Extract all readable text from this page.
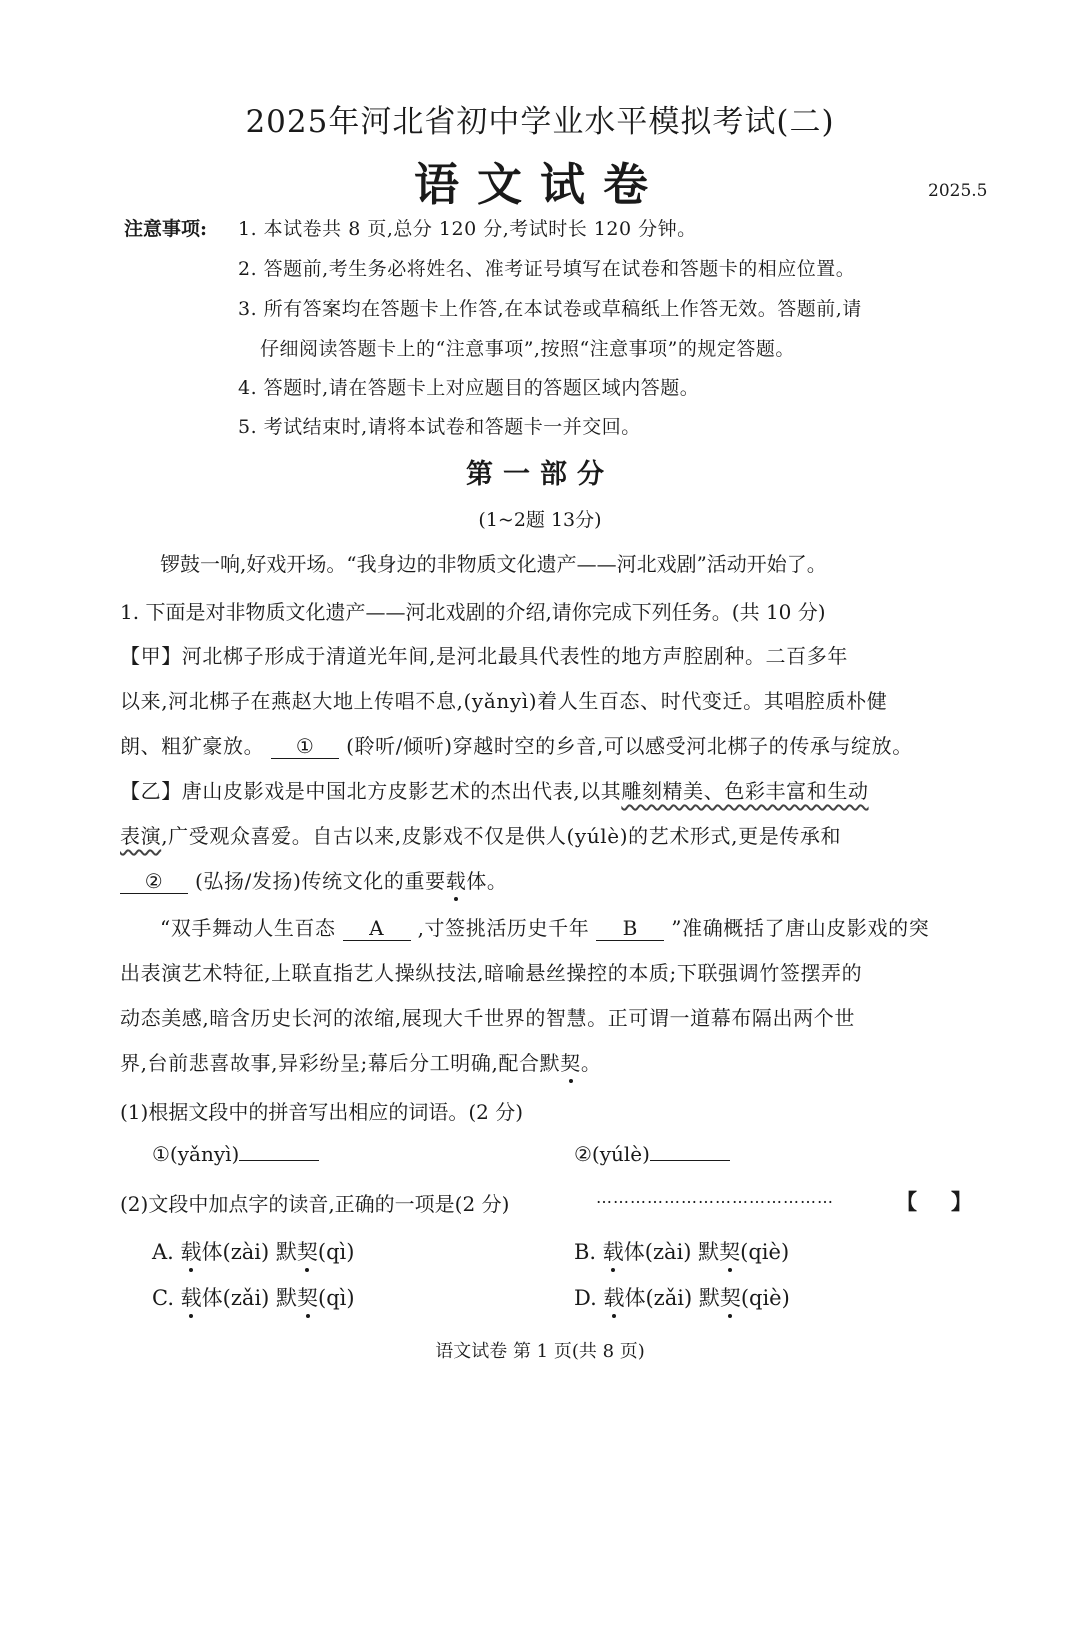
2025年河北省初中学业水平模拟考试(二)
语文试卷	2025.5
注意事项: 1. 本试卷共 8 页,总分 120 分,考试时长 120 分钟。
2. 答题前,考生务必将姓名、准考证号填写在试卷和答题卡的相应位置。
3. 所有答案均在答题卡上作答,在本试卷或草稿纸上作答无效。答题前,请
仔细阅读答题卡上的“注意事项”,按照“注意事项”的规定答题。
4. 答题时,请在答题卡上对应题目的答题区域内答题。
5. 考试结束时,请将本试卷和答题卡一并交回。
第一部分
(1~2题 13分)
锣鼓一响,好戏开场。“我身边的非物质文化遗产——河北戏剧”活动开始了。
1. 下面是对非物质文化遗产——河北戏剧的介绍,请你完成下列任务。(共 10 分)
【甲】河北梆子形成于清道光年间,是河北最具代表性的地方声腔剧种。二百多年
以来,河北梆子在燕赵大地上传唱不息,(yǎnyì)着人生百态、时代变迁。其唱腔质朴健
朗、粗犷豪放。 ① (聆听/倾听)穿越时空的乡音,可以感受河北梆子的传承与绽放。
【乙】唐山皮影戏是中国北方皮影艺术的杰出代表,以其雕刻精美、色彩丰富和生动
表演,广受观众喜爱。自古以来,皮影戏不仅是供人(yúlè)的艺术形式,更是传承和
② (弘扬/发扬)传统文化的重要载体。
“双手舞动人生百态 A ,寸签挑活历史千年 B ”准确概括了唐山皮影戏的突
出表演艺术特征,上联直指艺人操纵技法,暗喻悬丝操控的本质;下联强调竹签摆弄的
动态美感,暗含历史长河的浓缩,展现大千世界的智慧。正可谓一道幕布隔出两个世
界,台前悲喜故事,异彩纷呈;幕后分工明确,配合默契。
(1)根据文段中的拼音写出相应的词语。(2 分)
①(yǎnyì)	②(yúlè)
(2)文段中加点字的读音,正确的一项是(2 分)	……………………………………	【 】
A. 载体(zài) 默契(qì)	B. 载体(zài) 默契(qiè)
C. 载体(zǎi) 默契(qì)	D. 载体(zǎi) 默契(qiè)
语文试卷 第 1 页(共 8 页)
